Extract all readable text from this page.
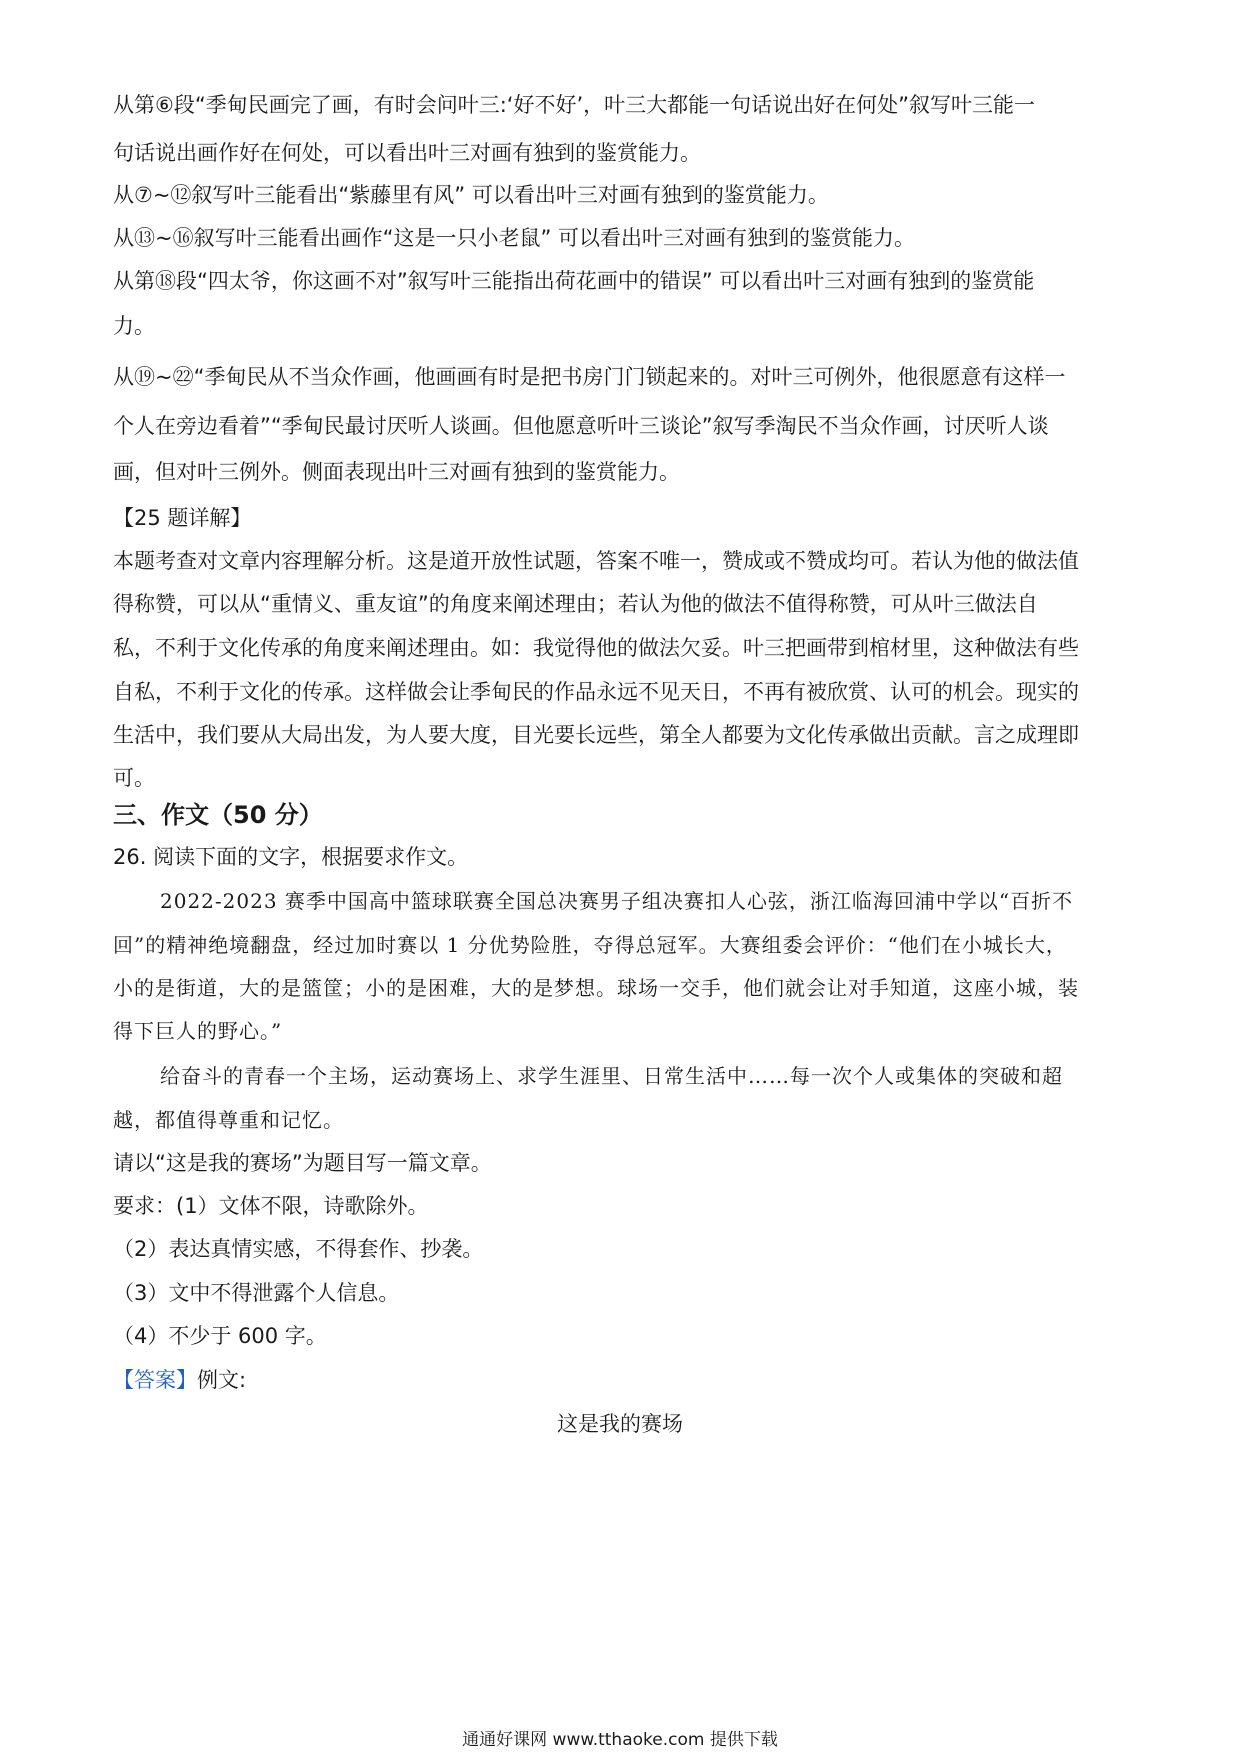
从第⑥段“季甸民画完了画，有时会问叶三:‘好不好’，叶三大都能一句话说出好在何处”叙写叶三能一
句话说出画作好在何处，可以看出叶三对画有独到的鉴赏能力。
从⑦~⑫叙写叶三能看出“紫藤里有风” 可以看出叶三对画有独到的鉴赏能力。
从⑬~⑯叙写叶三能看出画作“这是一只小老鼠” 可以看出叶三对画有独到的鉴赏能力。
从第⑱段“四太爷，你这画不对”叙写叶三能指出荷花画中的错误” 可以看出叶三对画有独到的鉴赏能
力。
从⑲~㉒“季甸民从不当众作画，他画画有时是把书房门门锁起来的。对叶三可例外，他很愿意有这样一
个人在旁边看着”“季甸民最讨厌听人谈画。但他愿意听叶三谈论”叙写季淘民不当众作画，讨厌听人谈
画，但对叶三例外。侧面表现出叶三对画有独到的鉴赏能力。
【25 题详解】
本题考查对文章内容理解分析。这是道开放性试题，答案不唯一，赞成或不赞成均可。若认为他的做法值
得称赞，可以从“重情义、重友谊”的角度来阐述理由；若认为他的做法不值得称赞，可从叶三做法自
私，不利于文化传承的角度来阐述理由。如：我觉得他的做法欠妥。叶三把画带到棺材里，这种做法有些
自私，不利于文化的传承。这样做会让季甸民的作品永远不见天日，不再有被欣赏、认可的机会。现实的
生活中，我们要从大局出发，为人要大度，目光要长远些，第全人都要为文化传承做出贡献。言之成理即
可。
三、作文（50 分）
26. 阅读下面的文字，根据要求作文。
2022-2023 赛季中国高中篮球联赛全国总决赛男子组决赛扣人心弦，浙江临海回浦中学以“百折不
回”的精神绝境翻盘，经过加时赛以 1 分优势险胜，夺得总冠军。大赛组委会评价：“他们在小城长大，
小的是街道，大的是篮筐；小的是困难，大的是梦想。球场一交手，他们就会让对手知道，这座小城，装
得下巨人的野心。”
给奋斗的青春一个主场，运动赛场上、求学生涯里、日常生活中……每一次个人或集体的突破和超
越，都值得尊重和记忆。
请以“这是我的赛场”为题目写一篇文章。
要求：(1）文体不限，诗歌除外。
（2）表达真情实感，不得套作、抄袭。
（3）文中不得泄露个人信息。
（4）不少于 600 字。
【答案】例文:
这是我的赛场
通通好课网 www.tthaoke.com 提供下载
